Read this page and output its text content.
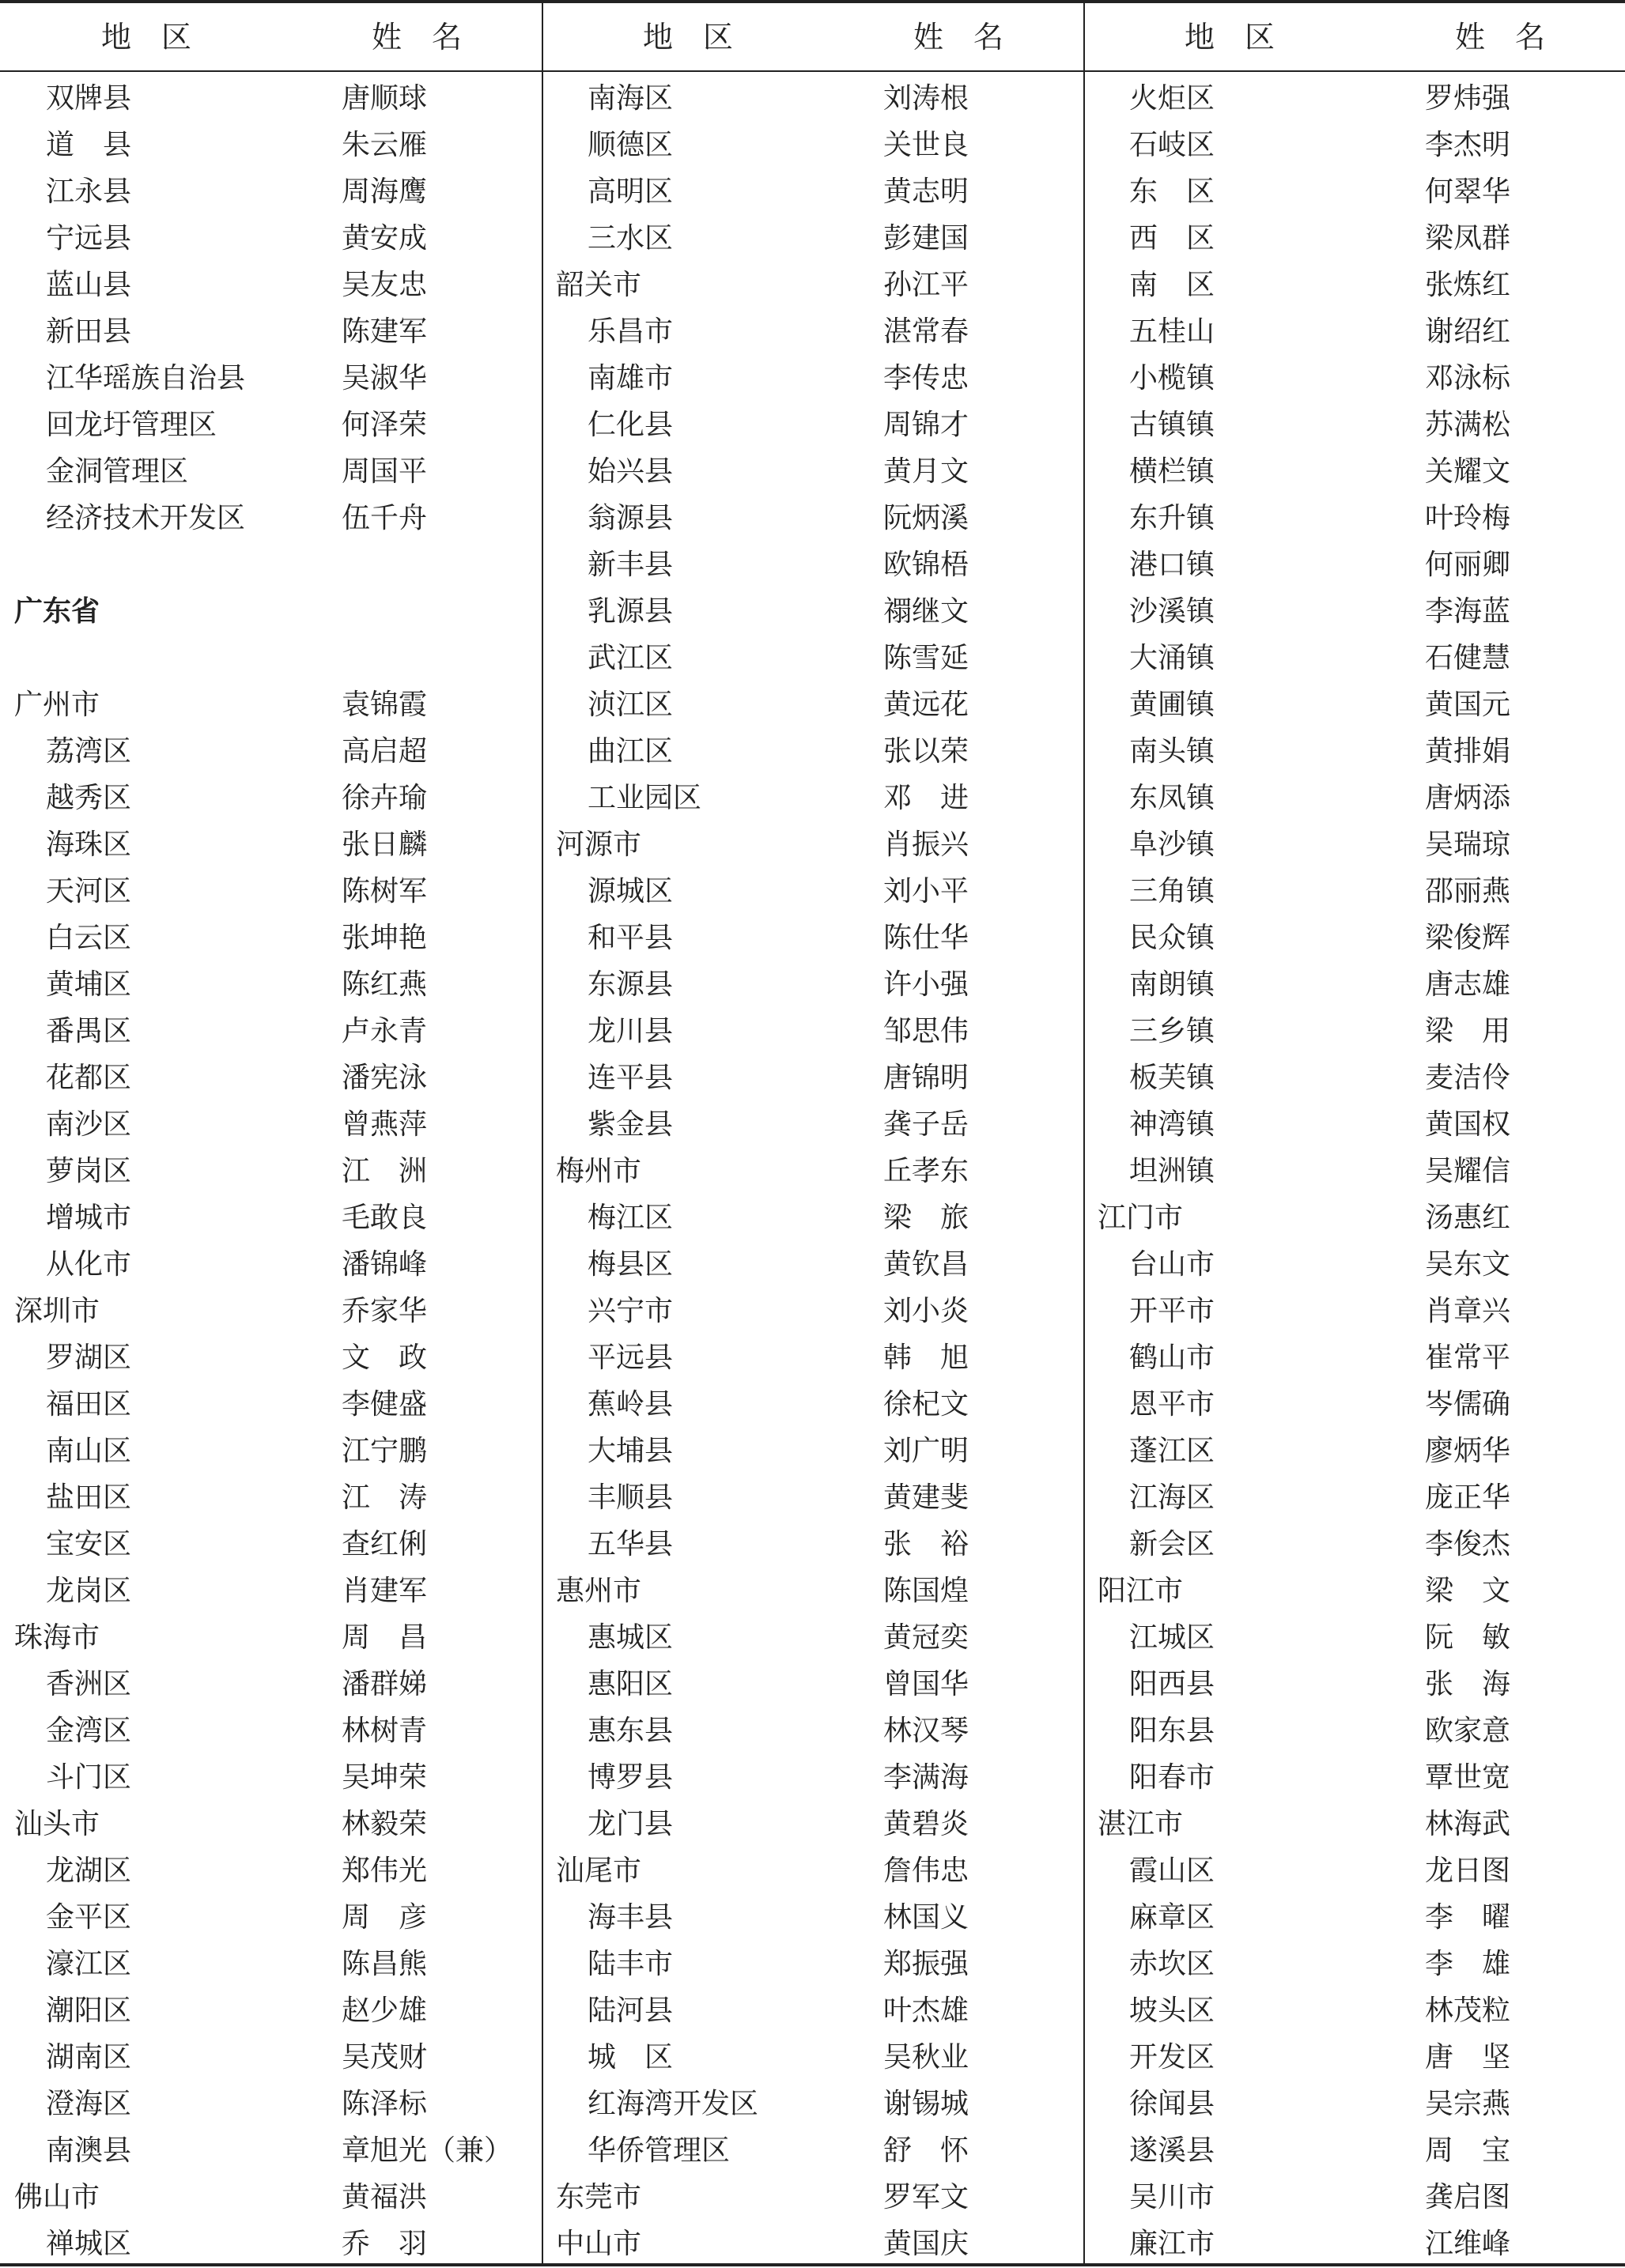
地　区	姓　名	地　区	姓　名	地　区	姓　名
双牌县	唐顺球
道　县	朱云雁
江永县	周海鹰
宁远县	黄安成
蓝山县	吴友忠
新田县	陈建军
江华瑶族自治县	吴淑华
回龙圩管理区	何泽荣
金洞管理区	周国平
经济技术开发区	伍千舟
广东省
广州市	袁锦霞
荔湾区	高启超
越秀区	徐卉瑜
海珠区	张日麟
天河区	陈树军
白云区	张坤艳
黄埔区	陈红燕
番禺区	卢永青
花都区	潘宪泳
南沙区	曾燕萍
萝岗区	江　洲
增城市	毛敢良
从化市	潘锦峰
深圳市	乔家华
罗湖区	文　政
福田区	李健盛
南山区	江宁鹏
盐田区	江　涛
宝安区	查红俐
龙岗区	肖建军
珠海市	周　昌
香洲区	潘群娣
金湾区	林树青
斗门区	吴坤荣
汕头市	林毅荣
龙湖区	郑伟光
金平区	周　彦
濠江区	陈昌熊
潮阳区	赵少雄
湖南区	吴茂财
澄海区	陈泽标
南澳县	章旭光（兼）
佛山市	黄福洪
禅城区	乔　羽
南海区	刘涛根
顺德区	关世良
高明区	黄志明
三水区	彭建国
韶关市	孙江平
乐昌市	湛常春
南雄市	李传忠
仁化县	周锦才
始兴县	黄月文
翁源县	阮炳溪
新丰县	欧锦梧
乳源县	禤继文
武江区	陈雪延
浈江区	黄远花
曲江区	张以荣
工业园区	邓　进
河源市	肖振兴
源城区	刘小平
和平县	陈仕华
东源县	许小强
龙川县	邹思伟
连平县	唐锦明
紫金县	龚子岳
梅州市	丘孝东
梅江区	梁　旅
梅县区	黄钦昌
兴宁市	刘小炎
平远县	韩　旭
蕉岭县	徐杞文
大埔县	刘广明
丰顺县	黄建斐
五华县	张　裕
惠州市	陈国煌
惠城区	黄冠奕
惠阳区	曾国华
惠东县	林汉琴
博罗县	李满海
龙门县	黄碧炎
汕尾市	詹伟忠
海丰县	林国义
陆丰市	郑振强
陆河县	叶杰雄
城　区	吴秋业
红海湾开发区	谢锡城
华侨管理区	舒　怀
东莞市	罗军文
中山市	黄国庆
火炬区	罗炜强
石岐区	李杰明
东　区	何翠华
西　区	梁凤群
南　区	张炼红
五桂山	谢绍红
小榄镇	邓泳标
古镇镇	苏满松
横栏镇	关耀文
东升镇	叶玲梅
港口镇	何丽卿
沙溪镇	李海蓝
大涌镇	石健慧
黄圃镇	黄国元
南头镇	黄排娟
东凤镇	唐炳添
阜沙镇	吴瑞琼
三角镇	邵丽燕
民众镇	梁俊辉
南朗镇	唐志雄
三乡镇	梁　用
板芙镇	麦洁伶
神湾镇	黄国权
坦洲镇	吴耀信
江门市	汤惠红
台山市	吴东文
开平市	肖章兴
鹤山市	崔常平
恩平市	岑儒确
蓬江区	廖炳华
江海区	庞正华
新会区	李俊杰
阳江市	梁　文
江城区	阮　敏
阳西县	张　海
阳东县	欧家意
阳春市	覃世宽
湛江市	林海武
霞山区	龙日图
麻章区	李　曜
赤坎区	李　雄
坡头区	林茂粒
开发区	唐　坚
徐闻县	吴宗燕
遂溪县	周　宝
吴川市	龚启图
廉江市	江维峰
